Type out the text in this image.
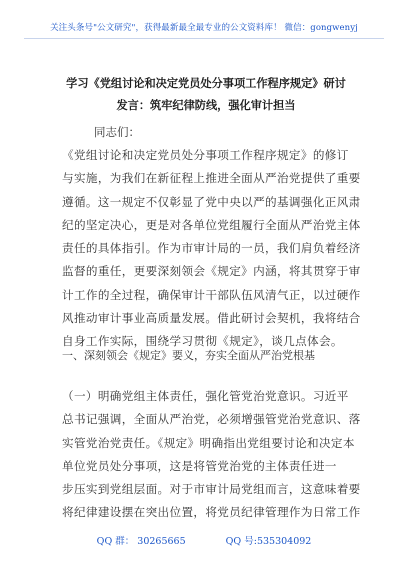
关注头条号"公文研究"，获得最新最全最专业的公文资料库！ 微信：gongwenyj
学习《党组讨论和决定党员处分事项工作程序规定》研讨
发言：筑牢纪律防线，强化审计担当
同志们：
《党组讨论和决定党员处分事项工作程序规定》的修订
与实施，为我们在新征程上推进全面从严治党提供了重要
遵循。这一规定不仅彰显了党中央以严的基调强化正风肃
纪的坚定决心，更是对各单位党组履行全面从严治党主体
责任的具体指引。作为市审计局的一员，我们肩负着经济
监督的重任，更要深刻领会《规定》内涵，将其贯穿于审
计工作的全过程，确保审计干部队伍风清气正，以过硬作
风推动审计事业高质量发展。借此研讨会契机，我将结合
自身工作实际，围绕学习贯彻《规定》，谈几点体会。
一、深刻领会《规定》要义，夯实全面从严治党根基
（一）明确党组主体责任，强化管党治党意识。习近平
总书记强调，全面从严治党，必须增强管党治党意识、落
实管党治党责任。《规定》明确指出党组要讨论和决定本
单位党员处分事项，这是将管党治党的主体责任进一
步压实到党组层面。对于市审计局党组而言，这意味着要
将纪律建设摆在突出位置，将党员纪律管理作为日常工作
QQ 群： 30265665	QQ 号:535304092
